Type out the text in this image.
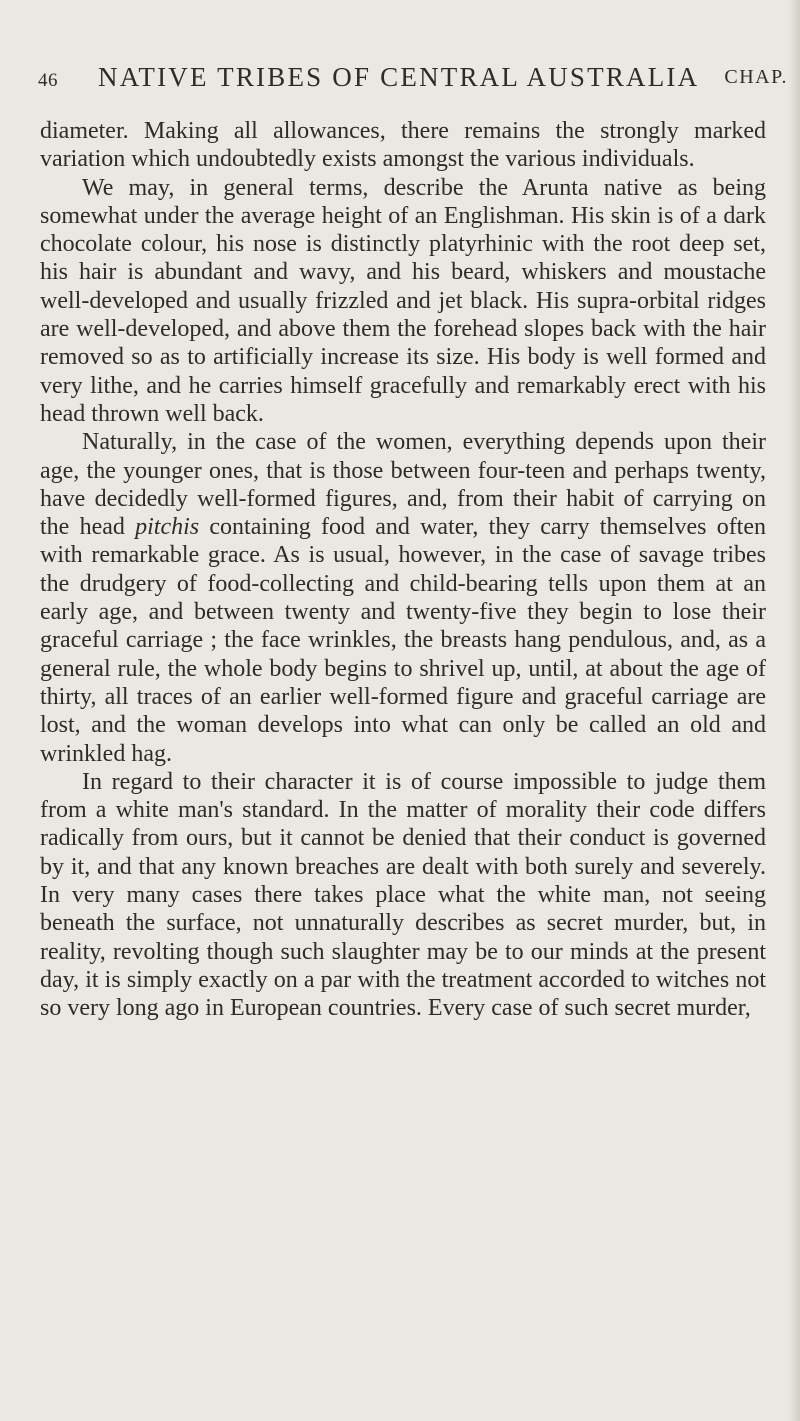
46 NATIVE TRIBES OF CENTRAL AUSTRALIA CHAP.

diameter. Making all allowances, there remains the strongly marked variation which undoubtedly exists amongst the various individuals.

We may, in general terms, describe the Arunta native as being somewhat under the average height of an Englishman. His skin is of a dark chocolate colour, his nose is distinctly platyrhinic with the root deep set, his hair is abundant and wavy, and his beard, whiskers and moustache well-developed and usually frizzled and jet black. His supra-orbital ridges are well-developed, and above them the forehead slopes back with the hair removed so as to artificially increase its size. His body is well formed and very lithe, and he carries himself gracefully and remarkably erect with his head thrown well back.

Naturally, in the case of the women, everything depends upon their age, the younger ones, that is those between four-teen and perhaps twenty, have decidedly well-formed figures, and, from their habit of carrying on the head pitchis containing food and water, they carry themselves often with remarkable grace. As is usual, however, in the case of savage tribes the drudgery of food-collecting and child-bearing tells upon them at an early age, and between twenty and twenty-five they begin to lose their graceful carriage ; the face wrinkles, the breasts hang pendulous, and, as a general rule, the whole body begins to shrivel up, until, at about the age of thirty, all traces of an earlier well-formed figure and graceful carriage are lost, and the woman develops into what can only be called an old and wrinkled hag.

In regard to their character it is of course impossible to judge them from a white man's standard. In the matter of morality their code differs radically from ours, but it cannot be denied that their conduct is governed by it, and that any known breaches are dealt with both surely and severely. In very many cases there takes place what the white man, not seeing beneath the surface, not unnaturally describes as secret murder, but, in reality, revolting though such slaughter may be to our minds at the present day, it is simply exactly on a par with the treatment accorded to witches not so very long ago in European countries. Every case of such secret murder,
